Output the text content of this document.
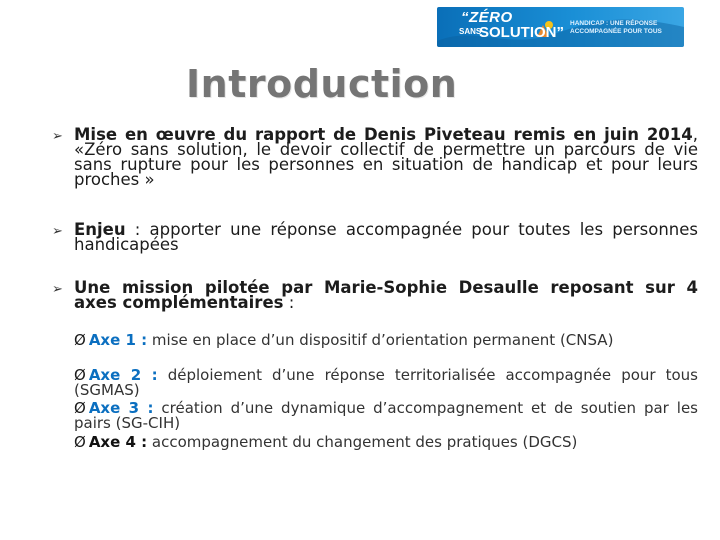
“ZÉRO
SANS
SOLUTION”
HANDICAP : UNE RÉPONSE
ACCOMPAGNÉE POUR TOUS
Introduction
➢ Mise en œuvre du rapport de Denis Piveteau remis en juin 2014, «Zéro sans solution, le devoir collectif de permettre un parcours de vie sans rupture pour les personnes en situation de handicap et pour leurs proches »

➢ Enjeu : apporter une réponse accompagnée pour toutes les personnes handicapées

➢ Une mission pilotée par Marie-Sophie Desaulle reposant sur 4 axes complémentaires :

Ø Axe 1 : mise en place d’un dispositif d’orientation permanent (CNSA)

Ø Axe 2 : déploiement d’une réponse territorialisée accompagnée pour tous (SGMAS)

Ø Axe 3 : création d’une dynamique d’accompagnement et de soutien par les pairs (SG-CIH)

Ø Axe 4 : accompagnement du changement des pratiques (DGCS)
